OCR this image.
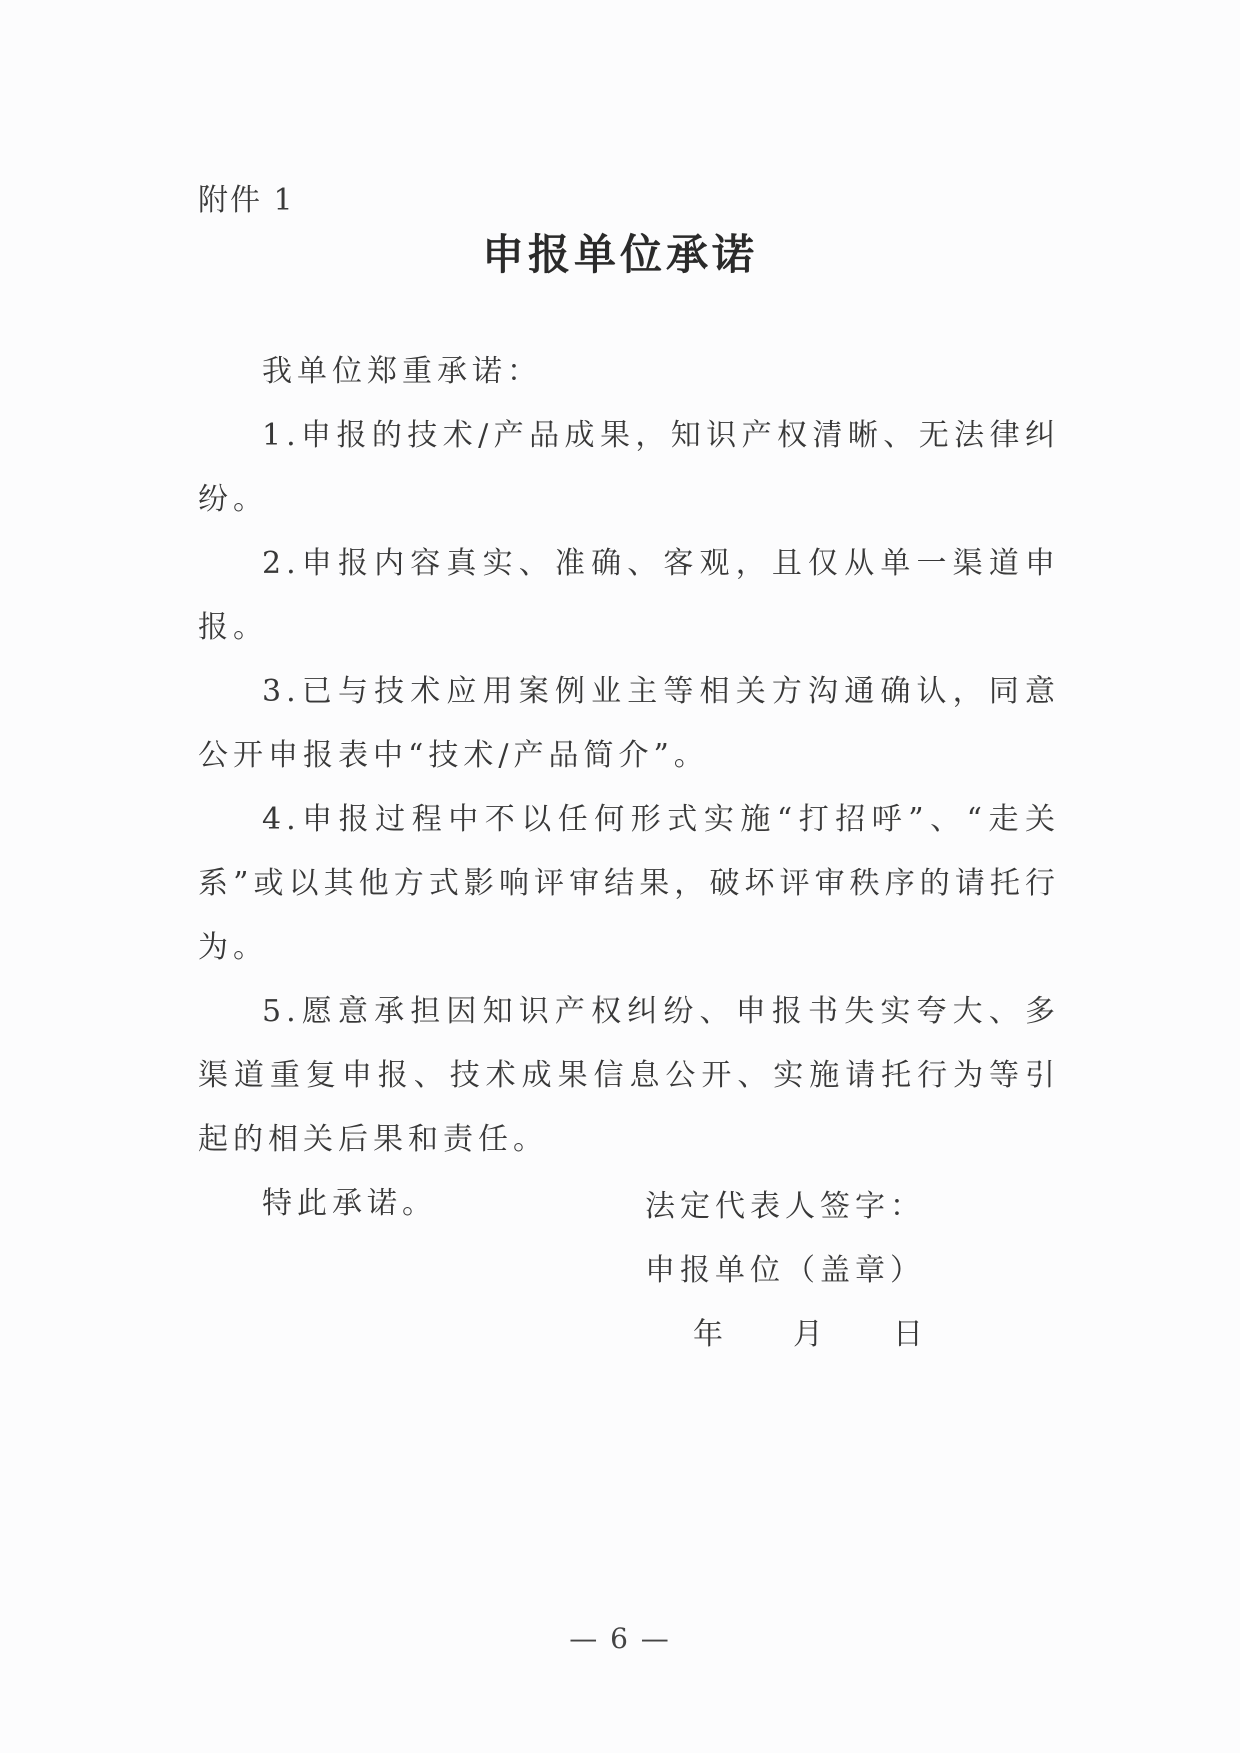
附件 1
申报单位承诺

我单位郑重承诺：

1.申报的技术/产品成果，知识产权清晰、无法律纠纷。

2.申报内容真实、准确、客观，且仅从单一渠道申报。

3.已与技术应用案例业主等相关方沟通确认，同意公开申报表中“技术/产品简介”。

4.申报过程中不以任何形式实施“打招呼”、“走关系”或以其他方式影响评审结果，破坏评审秩序的请托行为。

5.愿意承担因知识产权纠纷、申报书失实夸大、多渠道重复申报、技术成果信息公开、实施请托行为等引起的相关后果和责任。

特此承诺。	法定代表人签字：
申报单位（盖章）
年	月	日
— 6 —
